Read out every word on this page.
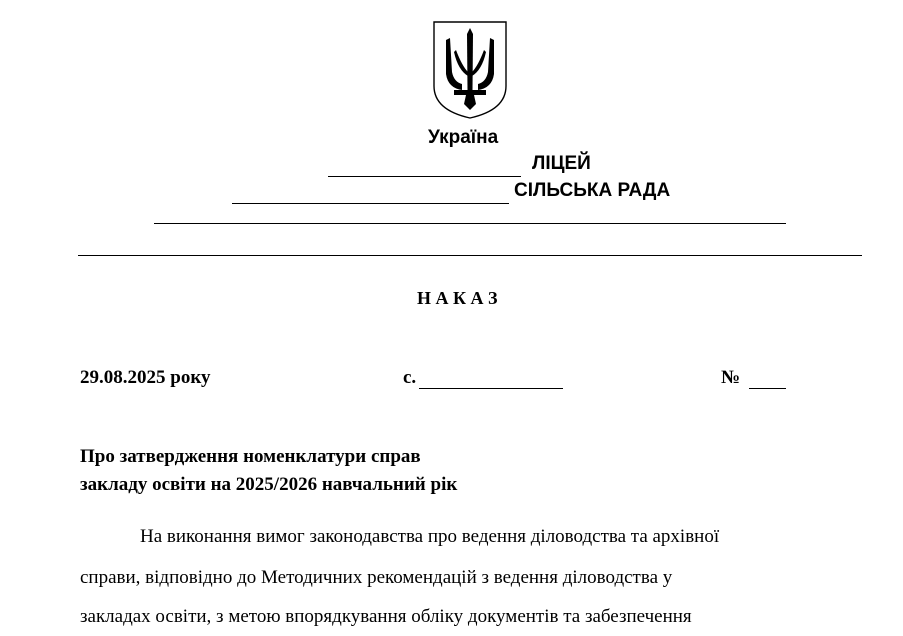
Україна
ЛІЦЕЙ
СІЛЬСЬКА РАДА
Н А К А З
29.08.2025 року	с.	№
Про затвердження номенклатури справ
закладу освіти на 2025/2026 навчальний рік
На виконання вимог законодавства про ведення діловодства та архівної
справи, відповідно до Методичних рекомендацій з ведення діловодства у
закладах освіти, з метою впорядкування обліку документів та забезпечення
